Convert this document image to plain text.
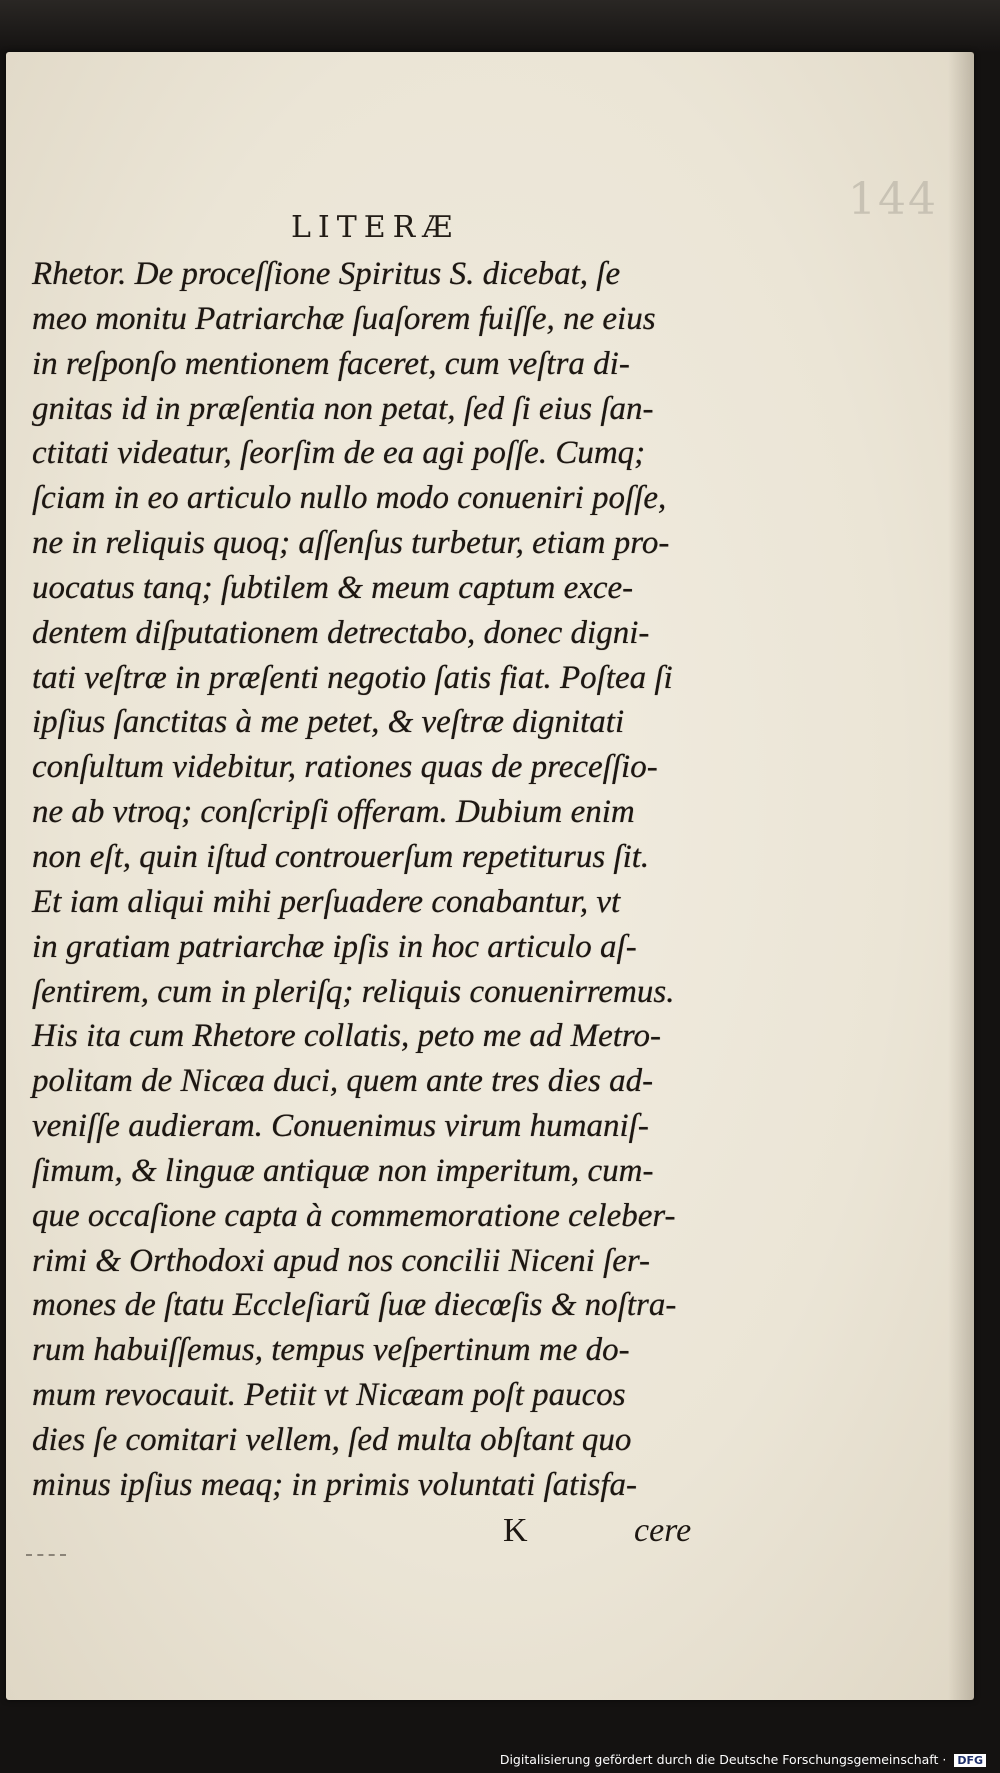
144
LITERÆ
Rhetor. De proceſſione Spiritus S. dicebat, ſe
meo monitu Patriarchæ ſuaſorem fuiſſe, ne eius
in reſponſo mentionem faceret, cum veſtra di-
gnitas id in præſentia non petat, ſed ſi eius ſan-
ctitati videatur, ſeorſim de ea agi poſſe. Cumq;
ſciam in eo articulo nullo modo conueniri poſſe,
ne in reliquis quoq; aſſenſus turbetur, etiam pro-
uocatus tanq; ſubtilem & meum captum exce-
dentem diſputationem detrectabo, donec digni-
tati veſtræ in præſenti negotio ſatis fiat. Poſtea ſi
ipſius ſanctitas à me petet, & veſtræ dignitati
conſultum videbitur, rationes quas de preceſſio-
ne ab vtroq; conſcripſi offeram. Dubium enim
non eſt, quin iſtud controuerſum repetiturus ſit.
Et iam aliqui mihi perſuadere conabantur, vt
in gratiam patriarchæ ipſis in hoc articulo aſ-
ſentirem, cum in pleriſq; reliquis conuenirremus.
His ita cum Rhetore collatis, peto me ad Metro-
politam de Nicæa duci, quem ante tres dies ad-
veniſſe audieram. Conuenimus virum humaniſ-
ſimum, & linguæ antiquæ non imperitum, cum-
que occaſione capta à commemoratione celeber-
rimi & Orthodoxi apud nos concilii Niceni ſer-
mones de ſtatu Eccleſiarũ ſuæ diecœſis & noſtra-
rum habuiſſemus, tempus veſpertinum me do-
mum revocauit. Petiit vt Nicæam poſt paucos
dies ſe comitari vellem, ſed multa obſtant quo
minus ipſius meaq; in primis voluntati ſatisfa-
K	cere
Digitalisierung gefördert durch die Deutsche Forschungsgemeinschaft · DFG
